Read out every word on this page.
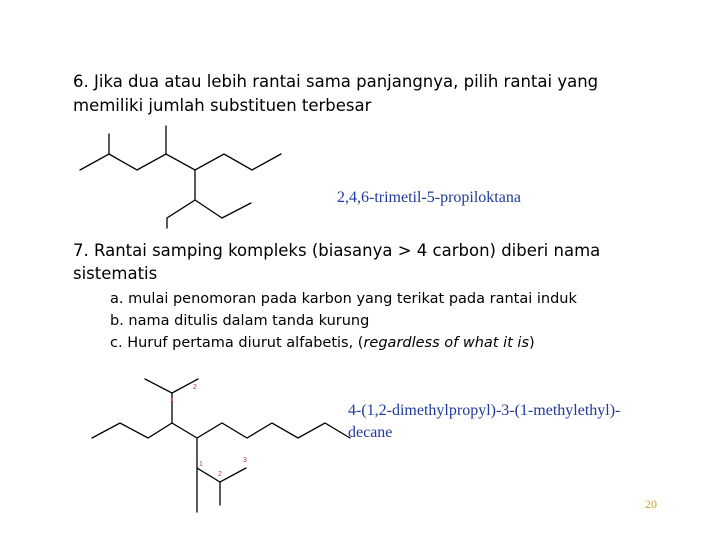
6. Jika dua atau lebih rantai sama panjangnya, pilih rantai yang
memiliki jumlah substituen terbesar
1
2
1
2
3
2,4,6-trimetil-5-propiloktana
7. Rantai samping kompleks (biasanya > 4 carbon) diberi nama
sistematis
a. mulai penomoran pada karbon yang terikat pada rantai induk
b. nama ditulis dalam tanda kurung
c. Huruf pertama diurut alfabetis, (regardless of what it is)
4-(1,2-dimethylpropyl)-3-(1-methylethyl)-
decane
20
